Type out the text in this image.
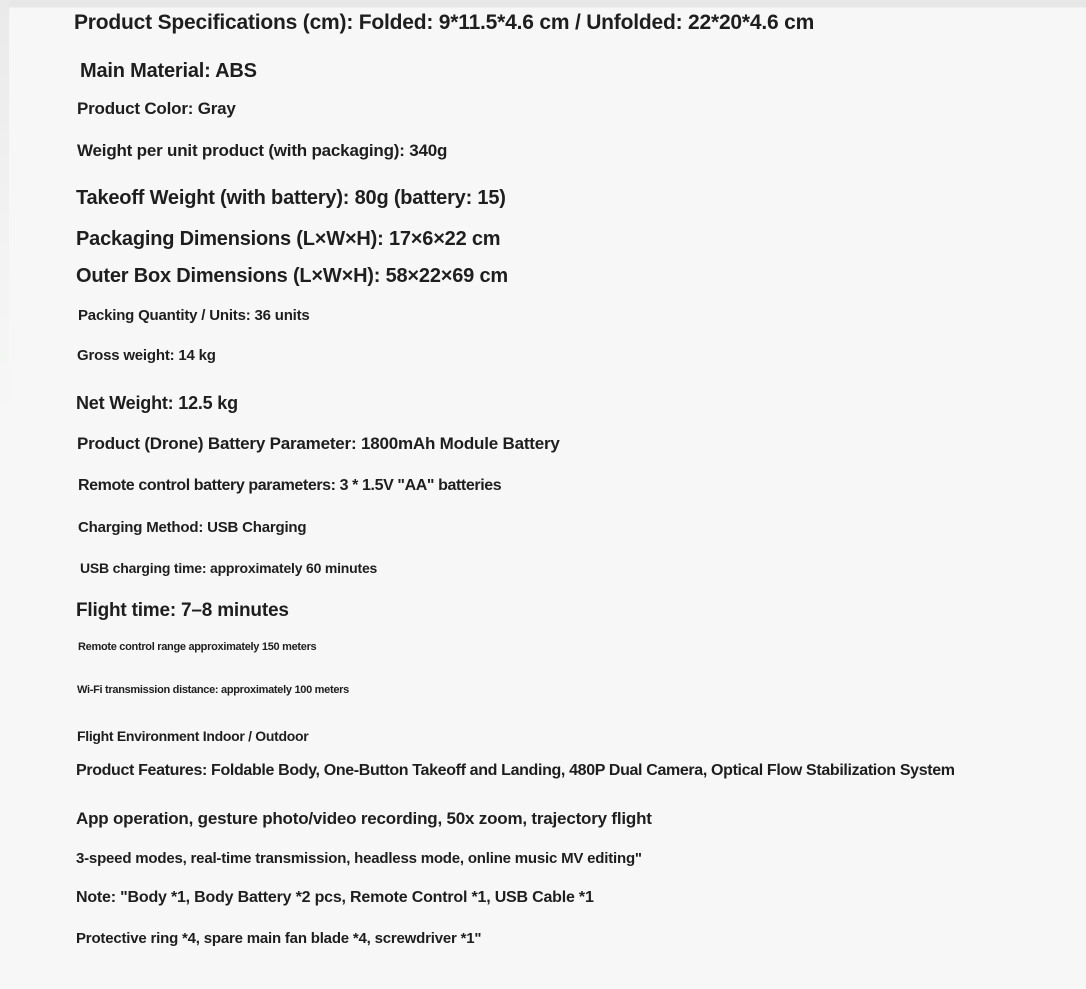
Product Specifications (cm): Folded: 9*11.5*4.6 cm / Unfolded: 22*20*4.6 cm
Main Material: ABS
Product Color: Gray
Weight per unit product (with packaging): 340g
Takeoff Weight (with battery): 80g (battery: 15)
Packaging Dimensions (L×W×H): 17×6×22 cm
Outer Box Dimensions (L×W×H): 58×22×69 cm
Packing Quantity / Units: 36 units
Gross weight: 14 kg
Net Weight: 12.5 kg
Product (Drone) Battery Parameter: 1800mAh Module Battery
Remote control battery parameters: 3 * 1.5V "AA" batteries
Charging Method: USB Charging
USB charging time: approximately 60 minutes
Flight time: 7–8 minutes
Remote control range approximately 150 meters
Wi-Fi transmission distance: approximately 100 meters
Flight Environment Indoor / Outdoor
Product Features: Foldable Body, One-Button Takeoff and Landing, 480P Dual Camera, Optical Flow Stabilization System
App operation, gesture photo/video recording, 50x zoom, trajectory flight
3-speed modes, real-time transmission, headless mode, online music MV editing"
Note: "Body *1, Body Battery *2 pcs, Remote Control *1, USB Cable *1
Protective ring *4, spare main fan blade *4, screwdriver *1"
